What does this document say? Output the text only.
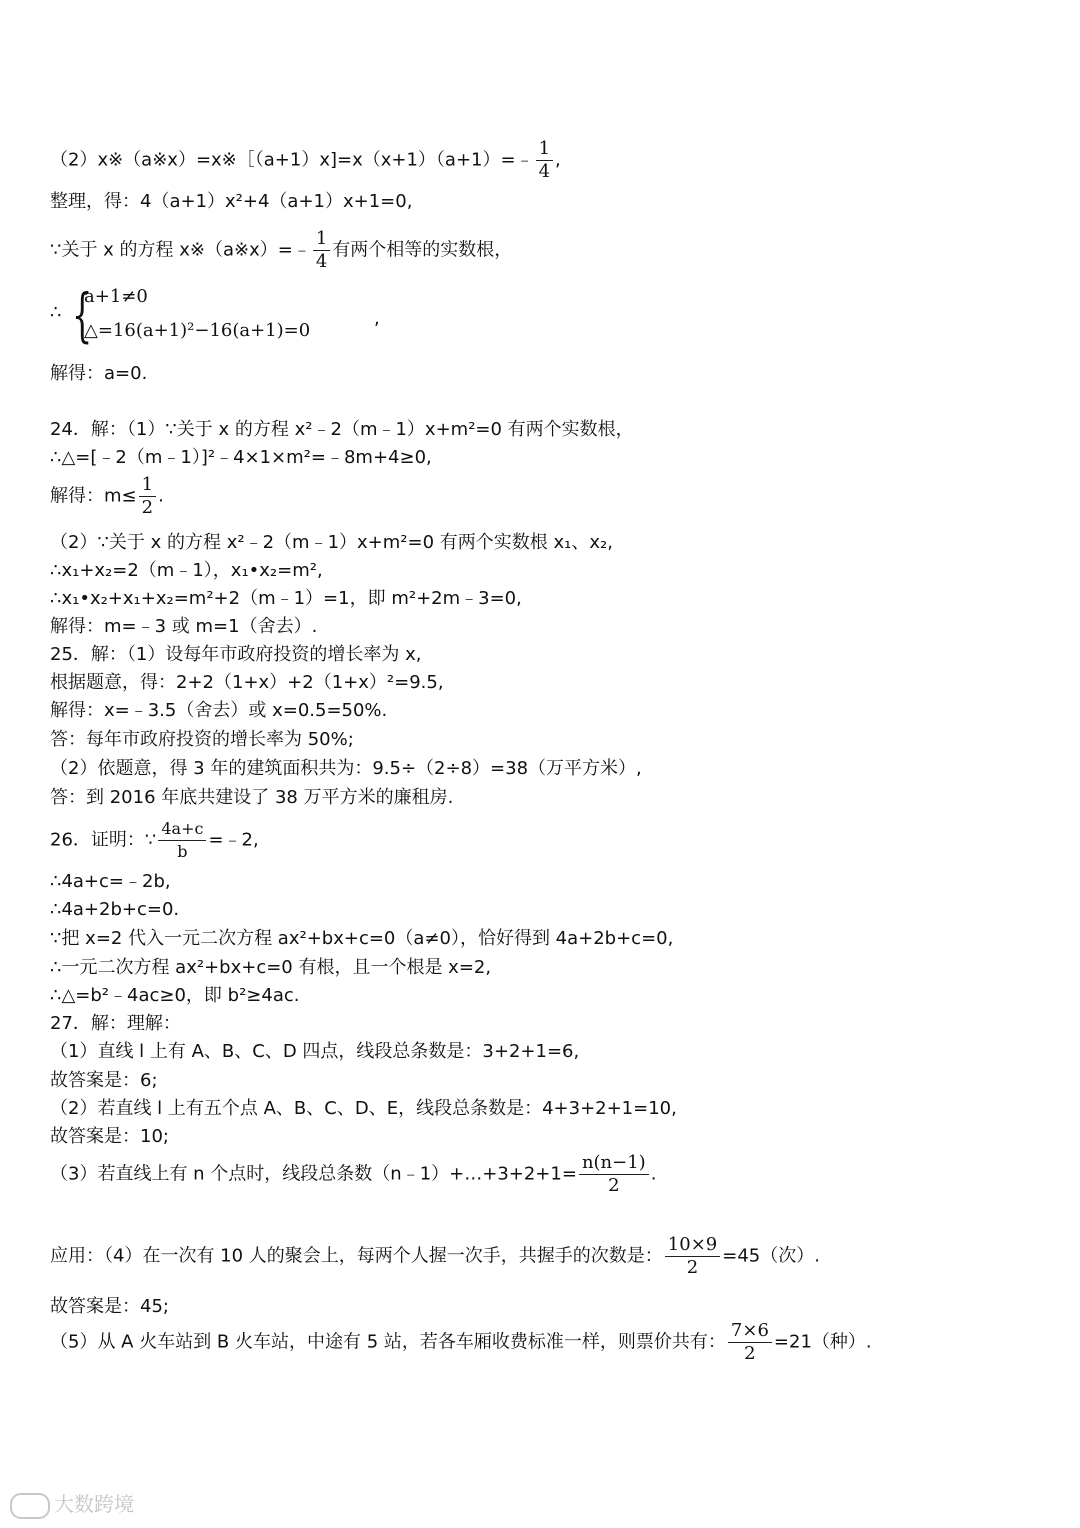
（2）x※（a※x）=x※［（a+1）x]=x（x+1）（a+1）=﹣ $\frac{1}{4}$ ,
整理，得：4（a+1）x²+4（a+1）x+1=0,
∵关于 x 的方程 x※（a※x）=﹣ $\frac{1}{4}$ 有两个相等的实数根，
∴ {
a+1≠0
△=16(a+1)²−16(a+1)=0
,
解得：a=0.
24．解：（1）∵关于 x 的方程 x²﹣2（m﹣1）x+m²=0 有两个实数根，
∴△=[﹣2（m﹣1）]²﹣4×1×m²=﹣8m+4≥0,
解得：$m\le \frac{1}{2}$ .
（2）∵关于 x 的方程 x²﹣2（m﹣1）x+m²=0 有两个实数根 x₁、x₂,
∴x₁+x₂=2（m﹣1），x₁•x₂=m²,
∴x₁•x₂+x₁+x₂=m²+2（m﹣1）=1，即 m²+2m﹣3=0,
解得：m=﹣3 或 m=1（舍去）.
25．解：（1）设每年市政府投资的增长率为 x,
根据题意，得：2+2（1+x）+2（1+x）²=9.5,
解得：x=﹣3.5（舍去）或 x=0.5=50%.
答：每年市政府投资的增长率为 50%;
（2）依题意，得 3 年的建筑面积共为：9.5÷（2÷8）=38（万平方米）,
答：到 2016 年底共建设了 38 万平方米的廉租房.
26．证明：∵ $\frac{4a+c}{b}$ =﹣2,
∴4a+c=﹣2b,
∴4a+2b+c=0.
∵把 x=2 代入一元二次方程 ax²+bx+c=0（a≠0），恰好得到 4a+2b+c=0,
∴一元二次方程 ax²+bx+c=0 有根，且一个根是 x=2,
∴△=b²﹣4ac≥0，即 b²≥4ac.
27．解：理解：
（1）直线 l 上有 A、B、C、D 四点，线段总条数是：3+2+1=6,
故答案是：6;
（2）若直线 l 上有五个点 A、B、C、D、E，线段总条数是：4+3+2+1=10,
故答案是：10;
（3）若直线上有 n 个点时，线段总条数（n﹣1）+…+3+2+1= $\frac{n(n-1)}{2}$ .
应用：（4）在一次有 10 人的聚会上，每两个人握一次手，共握手的次数是： $\frac{10\times 9}{2} =45$（次）.
故答案是：45;
（5）从 A 火车站到 B 火车站，中途有 5 站，若各车厢收费标准一样，则票价共有： $\frac{7\times 6}{2} =21$（种）.
大数跨境
